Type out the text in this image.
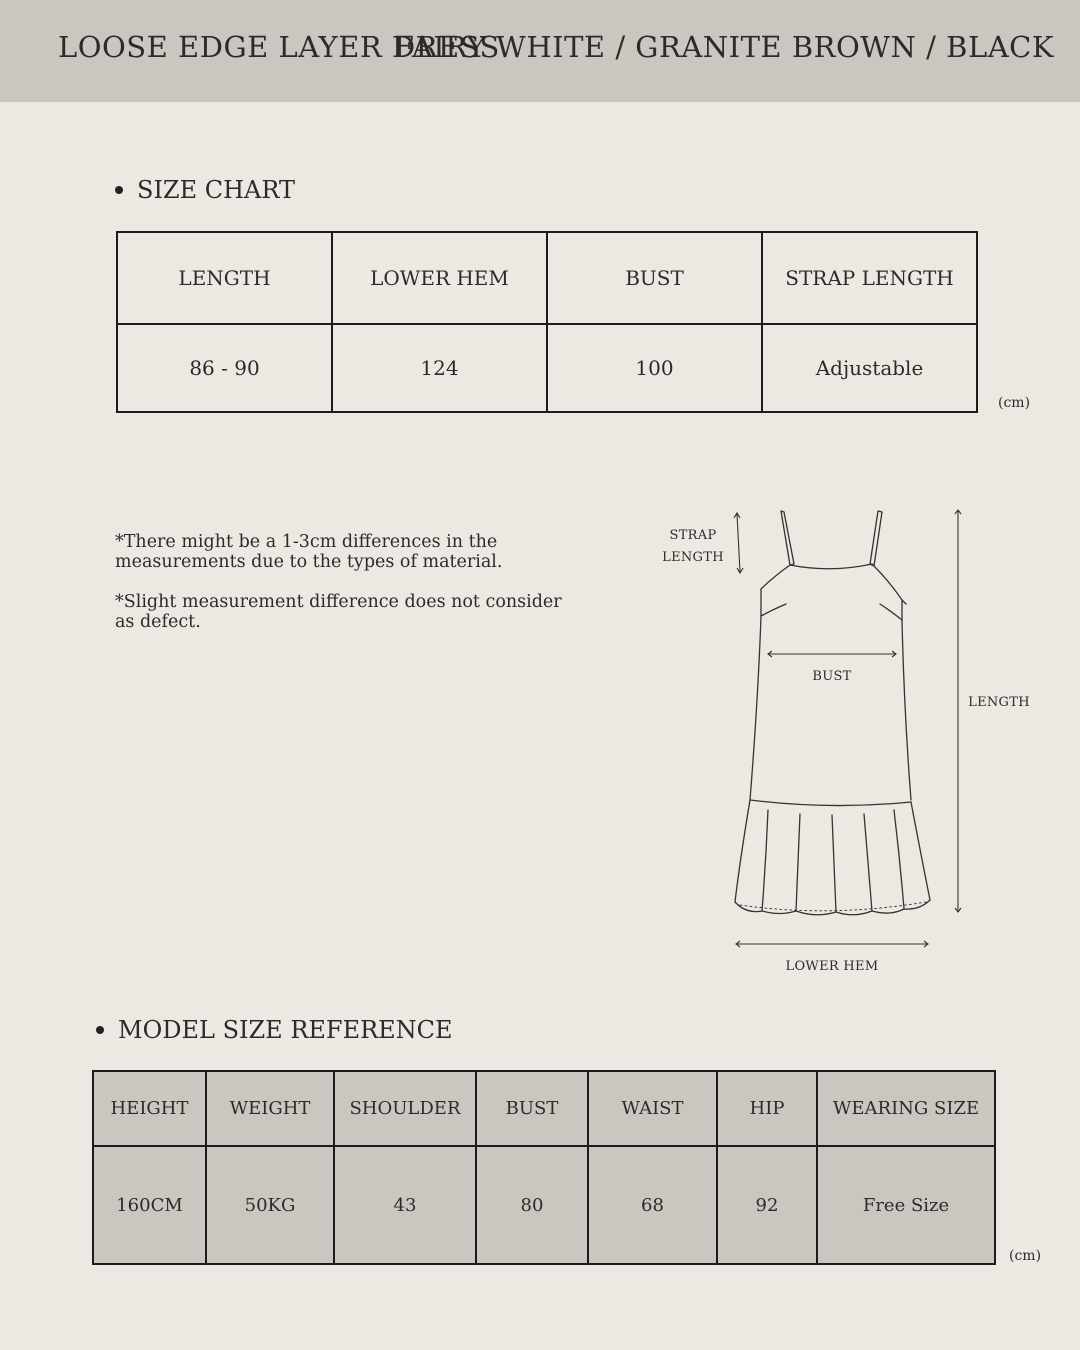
LOOSE EDGE LAYER DRESS
FAIRY WHITE / GRANITE BROWN / BLACK
SIZE CHART
LENGTH	LOWER HEM	BUST	STRAP LENGTH
86 - 90	124	100	Adjustable
(cm)

*There might be a 1-3cm differences in the measurements due to the types of material.

*Slight measurement difference does not consider as defect.

STRAP
LENGTH
BUST
LENGTH
LOWER HEM
MODEL SIZE REFERENCE
HEIGHT	WEIGHT	SHOULDER	BUST	WAIST	HIP	WEARING SIZE
160CM	50KG	43	80	68	92	Free Size
(cm)
